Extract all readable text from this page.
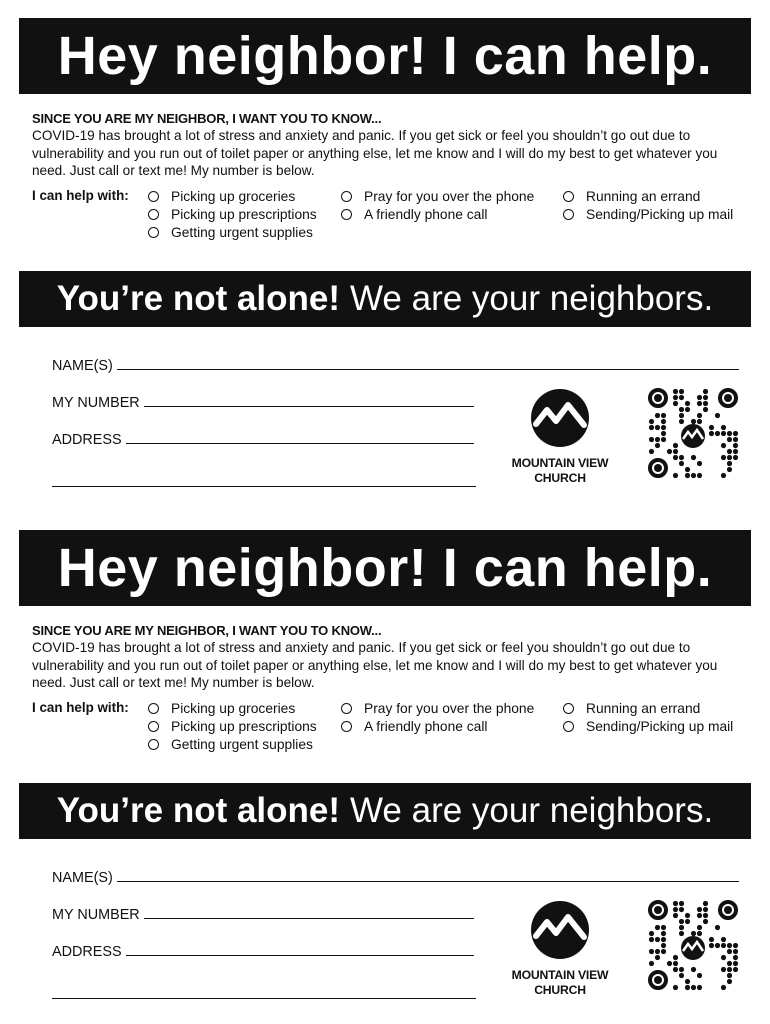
Hey neighbor! I can help.
SINCE YOU ARE MY NEIGHBOR, I WANT YOU TO KNOW...
COVID-19 has brought a lot of stress and anxiety and panic. If you get sick or feel you shouldn’t go out due to vulnerability and you run out of toilet paper or anything else, let me know and I will do my best to get whatever you need. Just call or text me! My number is below.
I can help with:	Picking up groceries
Picking up prescriptions
Getting urgent supplies
Pray for you over the phone
A friendly phone call
Running an errand
Sending/Picking up mail
You’re not alone! We are your neighbors.
NAME(S)
MY NUMBER
ADDRESS
MOUNTAIN VIEW
CHURCH
Hey neighbor! I can help.
SINCE YOU ARE MY NEIGHBOR, I WANT YOU TO KNOW...
COVID-19 has brought a lot of stress and anxiety and panic. If you get sick or feel you shouldn’t go out due to vulnerability and you run out of toilet paper or anything else, let me know and I will do my best to get whatever you need. Just call or text me! My number is below.
I can help with:	Picking up groceries
Picking up prescriptions
Getting urgent supplies
Pray for you over the phone
A friendly phone call
Running an errand
Sending/Picking up mail
You’re not alone! We are your neighbors.
NAME(S)
MY NUMBER
ADDRESS
MOUNTAIN VIEW
CHURCH
